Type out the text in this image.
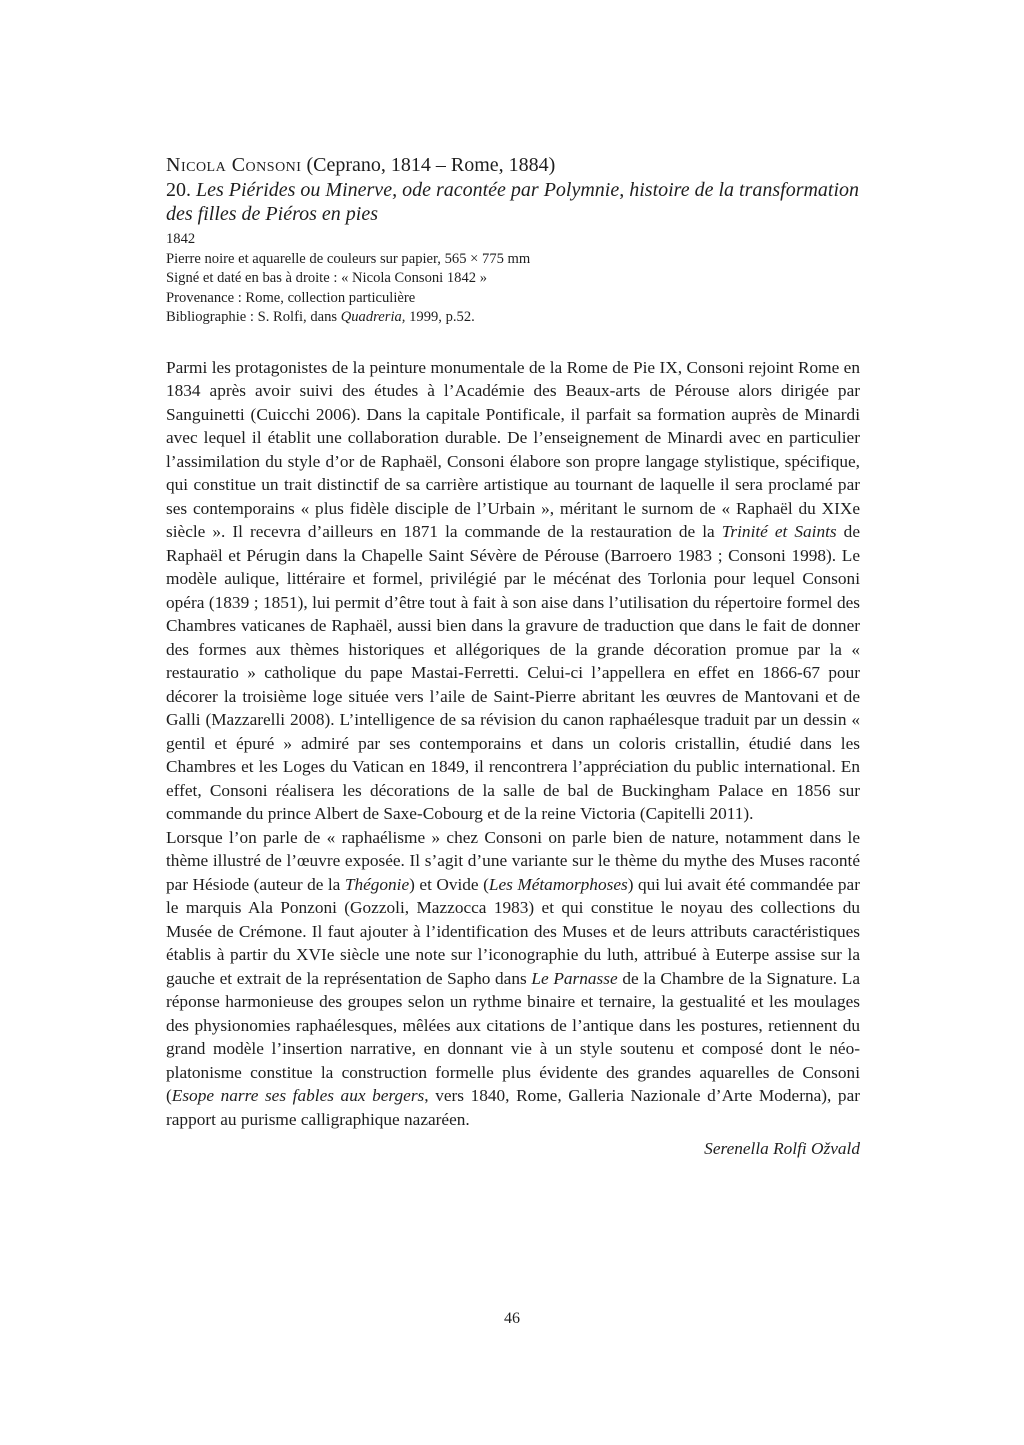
Nicola Consoni (Ceprano, 1814 – Rome, 1884)
20. Les Piérides ou Minerve, ode racontée par Polymnie, histoire de la transformation
des filles de Piéros en pies
1842
Pierre noire et aquarelle de couleurs sur papier, 565 × 775 mm
Signé et daté en bas à droite : « Nicola Consoni 1842 »
Provenance : Rome, collection particulière
Bibliographie : S. Rolfi, dans Quadreria, 1999, p.52.

Parmi les protagonistes de la peinture monumentale de la Rome de Pie IX, Consoni rejoint Rome en 1834 après avoir suivi des études à l’Académie des Beaux-arts de Pérouse alors dirigée par Sanguinetti (Cuicchi 2006). Dans la capitale Pontificale, il parfait sa formation auprès de Minardi avec lequel il établit une collaboration durable. De l’enseignement de Minardi avec en particulier l’assimilation du style d’or de Raphaël, Consoni élabore son propre langage stylistique, spécifique, qui constitue un trait distinctif de sa carrière artistique au tournant de laquelle il sera proclamé par ses contemporains « plus fidèle disciple de l’Urbain », méritant le surnom de « Raphaël du XIXe siècle ». Il recevra d’ailleurs en 1871 la commande de la restauration de la Trinité et Saints de Raphaël et Pérugin dans la Chapelle Saint Sévère de Pérouse (Barroero 1983 ; Consoni 1998). Le modèle aulique, littéraire et formel, privilégié par le mécénat des Torlonia pour lequel Consoni opéra (1839 ; 1851), lui permit d’être tout à fait à son aise dans l’utilisation du répertoire formel des Chambres vaticanes de Raphaël, aussi bien dans la gravure de traduction que dans le fait de donner des formes aux thèmes historiques et allégoriques de la grande décoration promue par la « restauratio » catholique du pape Mastai-Ferretti. Celui-ci l’appellera en effet en 1866-67 pour décorer la troisième loge située vers l’aile de Saint-Pierre abritant les œuvres de Mantovani et de Galli (Mazzarelli 2008). L’intelligence de sa révision du canon raphaélesque traduit par un dessin « gentil et épuré » admiré par ses contemporains et dans un coloris cristallin, étudié dans les Chambres et les Loges du Vatican en 1849, il rencontrera l’appréciation du public international. En effet, Consoni réalisera les décorations de la salle de bal de Buckingham Palace en 1856 sur commande du prince Albert de Saxe-Cobourg et de la reine Victoria (Capitelli 2011).

Lorsque l’on parle de « raphaélisme » chez Consoni on parle bien de nature, notamment dans le thème illustré de l’œuvre exposée. Il s’agit d’une variante sur le thème du mythe des Muses raconté par Hésiode (auteur de la Thégonie) et Ovide (Les Métamorphoses) qui lui avait été commandée par le marquis Ala Ponzoni (Gozzoli, Mazzocca 1983) et qui constitue le noyau des collections du Musée de Crémone. Il faut ajouter à l’identification des Muses et de leurs attributs caractéristiques établis à partir du XVIe siècle une note sur l’iconographie du luth, attribué à Euterpe assise sur la gauche et extrait de la représentation de Sapho dans Le Parnasse de la Chambre de la Signature. La réponse harmonieuse des groupes selon un rythme binaire et ternaire, la gestualité et les moulages des physionomies raphaélesques, mêlées aux citations de l’antique dans les postures, retiennent du grand modèle l’insertion narrative, en donnant vie à un style soutenu et composé dont le néo-platonisme constitue la construction formelle plus évidente des grandes aquarelles de Consoni (Esope narre ses fables aux bergers, vers 1840, Rome, Galleria Nazionale d’Arte Moderna), par rapport au purisme calligraphique nazaréen.

Serenella Rolfi Ožvald
46
